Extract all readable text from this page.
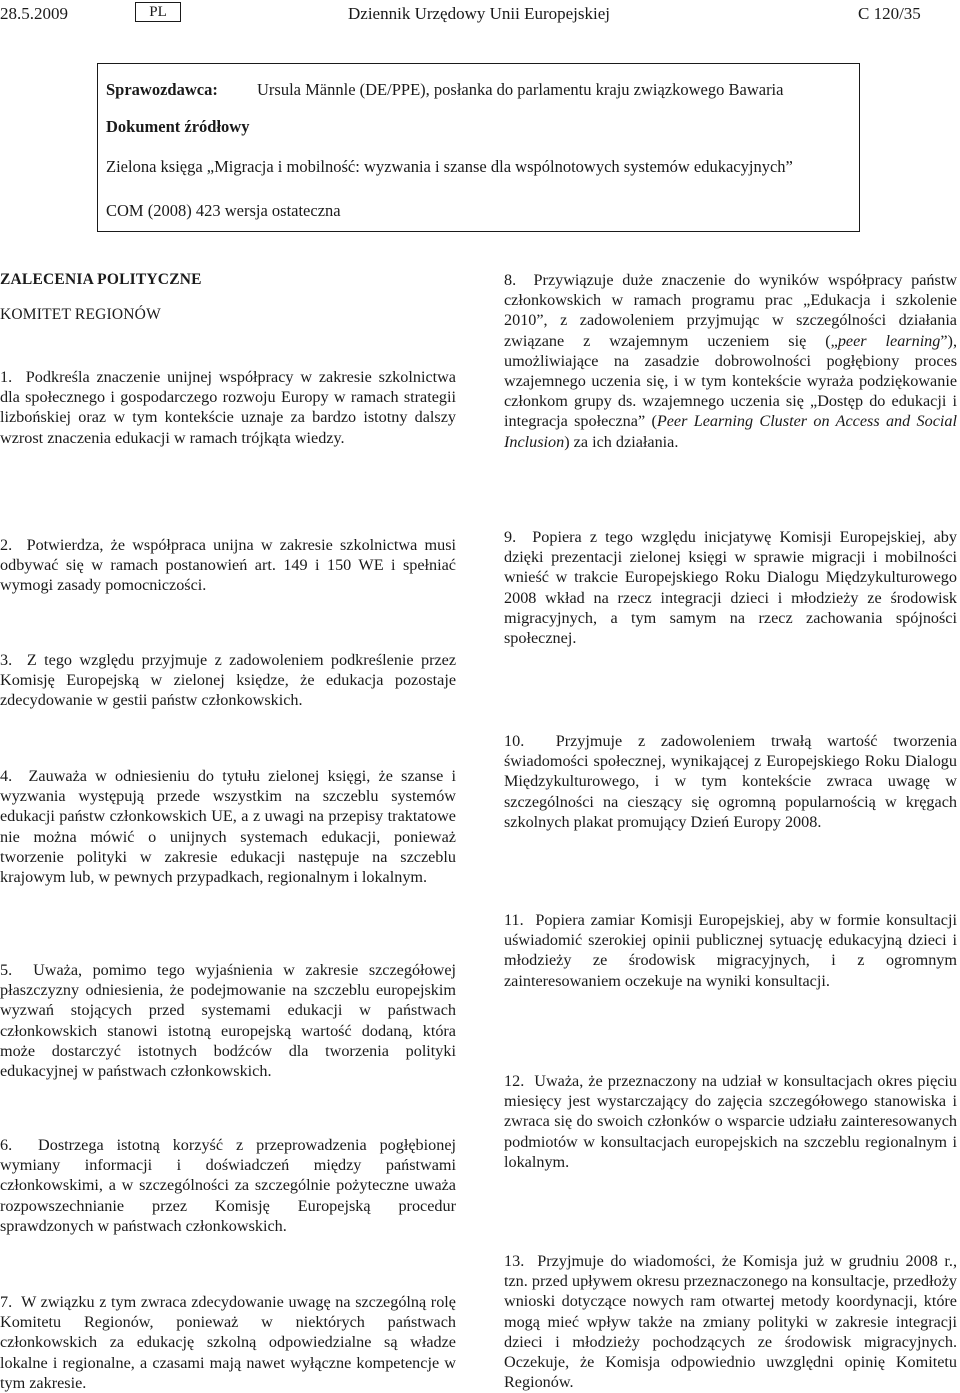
28.5.2009	PL	Dziennik Urzędowy Unii Europejskiej	C 120/35
Sprawozdawca: Ursula Männle (DE/PPE), posłanka do parlamentu kraju związkowego Bawaria
Dokument źródłowy
Zielona księga „Migracja i mobilność: wyzwania i szanse dla wspólnotowych systemów edukacyjnych”
COM (2008) 423 wersja ostateczna
ZALECENIA POLITYCZNE
KOMITET REGIONÓW
1. Podkreśla znaczenie unijnej współpracy w zakresie szkolnictwa dla społecznego i gospodarczego rozwoju Europy w ramach strategii lizbońskiej oraz w tym kontekście uznaje za bardzo istotny dalszy wzrost znaczenia edukacji w ramach trójkąta wiedzy.
2. Potwierdza, że współpraca unijna w zakresie szkolnictwa musi odbywać się w ramach postanowień art. 149 i 150 WE i spełniać wymogi zasady pomocniczości.
3. Z tego względu przyjmuje z zadowoleniem podkreślenie przez Komisję Europejską w zielonej księdze, że edukacja pozostaje zdecydowanie w gestii państw członkowskich.
4. Zauważa w odniesieniu do tytułu zielonej księgi, że szanse i wyzwania występują przede wszystkim na szczeblu systemów edukacji państw członkowskich UE, a z uwagi na przepisy traktatowe nie można mówić o unijnych systemach edukacji, ponieważ tworzenie polityki w zakresie edukacji następuje na szczeblu krajowym lub, w pewnych przypadkach, regionalnym i lokalnym.
5. Uważa, pomimo tego wyjaśnienia w zakresie szczegółowej płaszczyzny odniesienia, że podejmowanie na szczeblu europejskim wyzwań stojących przed systemami edukacji w państwach członkowskich stanowi istotną europejską wartość dodaną, która może dostarczyć istotnych bodźców dla tworzenia polityki edukacyjnej w państwach członkowskich.
6. Dostrzega istotną korzyść z przeprowadzenia pogłębionej wymiany informacji i doświadczeń między państwami członkowskimi, a w szczególności za szczególnie pożyteczne uważa rozpowszechnianie przez Komisję Europejską procedur sprawdzonych w państwach członkowskich.
7. W związku z tym zwraca zdecydowanie uwagę na szczególną rolę Komitetu Regionów, ponieważ w niektórych państwach członkowskich za edukację szkolną odpowiedzialne są władze lokalne i regionalne, a czasami mają nawet wyłączne kompetencje w tym zakresie.
8. Przywiązuje duże znaczenie do wyników współpracy państw członkowskich w ramach programu prac „Edukacja i szkolenie 2010”, z zadowoleniem przyjmując w szczególności działania związane z wzajemnym uczeniem się („peer learning”), umożliwiające na zasadzie dobrowolności pogłębiony proces wzajemnego uczenia się, i w tym kontekście wyraża podziękowanie członkom grupy ds. wzajemnego uczenia się „Dostęp do edukacji i integracja społeczna” (Peer Learning Cluster on Access and Social Inclusion) za ich działania.
9. Popiera z tego względu inicjatywę Komisji Europejskiej, aby dzięki prezentacji zielonej księgi w sprawie migracji i mobilności wnieść w trakcie Europejskiego Roku Dialogu Międzykulturowego 2008 wkład na rzecz integracji dzieci i młodzieży ze środowisk migracyjnych, a tym samym na rzecz zachowania spójności społecznej.
10. Przyjmuje z zadowoleniem trwałą wartość tworzenia świadomości społecznej, wynikającej z Europejskiego Roku Dialogu Międzykulturowego, i w tym kontekście zwraca uwagę w szczególności na cieszący się ogromną popularnością w kręgach szkolnych plakat promujący Dzień Europy 2008.
11. Popiera zamiar Komisji Europejskiej, aby w formie konsultacji uświadomić szerokiej opinii publicznej sytuację edukacyjną dzieci i młodzieży ze środowisk migracyjnych, i z ogromnym zainteresowaniem oczekuje na wyniki konsultacji.
12. Uważa, że przeznaczony na udział w konsultacjach okres pięciu miesięcy jest wystarczający do zajęcia szczegółowego stanowiska i zwraca się do swoich członków o wsparcie udziału zainteresowanych podmiotów w konsultacjach europejskich na szczeblu regionalnym i lokalnym.
13. Przyjmuje do wiadomości, że Komisja już w grudniu 2008 r., tzn. przed upływem okresu przeznaczonego na konsultacje, przedłoży wnioski dotyczące nowych ram otwartej metody koordynacji, które mogą mieć wpływ także na zmiany polityki w zakresie integracji dzieci i młodzieży pochodzących ze środowisk migracyjnych. Oczekuje, że Komisja odpowiednio uwzględni opinię Komitetu Regionów.
